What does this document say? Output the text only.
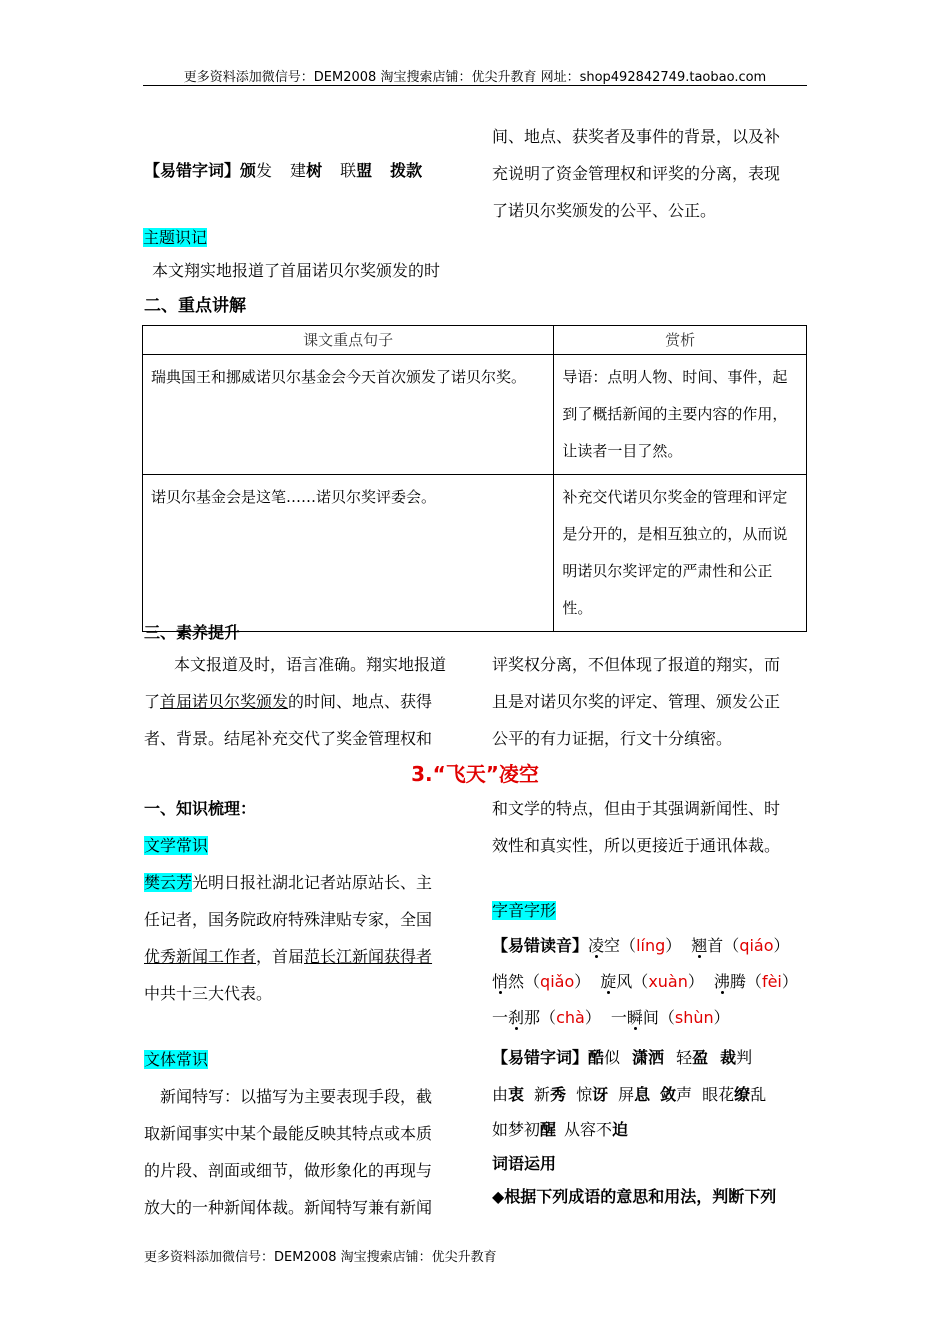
更多资料添加微信号：DEM2008 淘宝搜索店铺：优尖升教育 网址：shop492842749.taobao.com
【易错字词】颁发 建树 联盟 拨款
主题识记
本文翔实地报道了首届诺贝尔奖颁发的时
间、地点、获奖者及事件的背景，以及补
充说明了资金管理权和评奖的分离，表现
了诺贝尔奖颁发的公平、公正。
二、重点讲解
课文重点句子	赏析
瑞典国王和挪威诺贝尔基金会今天首次颁发了诺贝尔奖。	导语：点明人物、时间、事件，起到了概括新闻的主要内容的作用，让读者一目了然。
诺贝尔基金会是这笔……诺贝尔奖评委会。	补充交代诺贝尔奖金的管理和评定是分开的，是相互独立的，从而说明诺贝尔奖评定的严肃性和公正性。
三、素养提升
本文报道及时，语言准确。翔实地报道
了首届诺贝尔奖颁发的时间、地点、获得
者、背景。结尾补充交代了奖金管理权和
评奖权分离，不但体现了报道的翔实，而
且是对诺贝尔奖的评定、管理、颁发公正
公平的有力证据，行文十分缜密。
3.“飞天”凌空
一、知识梳理：
文学常识
樊云芳光明日报社湖北记者站原站长、主
任记者，国务院政府特殊津贴专家，全国
优秀新闻工作者，首届范长江新闻获得者
中共十三大代表。
文体常识
新闻特写：以描写为主要表现手段，截
取新闻事实中某个最能反映其特点或本质
的片段、剖面或细节，做形象化的再现与
放大的一种新闻体裁。新闻特写兼有新闻
和文学的特点，但由于其强调新闻性、时
效性和真实性，所以更接近于通讯体裁。
字音字形
【易错读音】凌空（líng） 翘首（qiáo）
悄然（qiǎo） 旋风（xuàn） 沸腾（fèi）
一刹那（chà） 一瞬间（shùn）
【易错字词】酷似 潇洒 轻盈 裁判
由衷 新秀 惊讶 屏息 敛声 眼花缭乱
如梦初醒 从容不迫
词语运用
◆根据下列成语的意思和用法，判断下列
更多资料添加微信号：DEM2008 淘宝搜索店铺：优尖升教育
